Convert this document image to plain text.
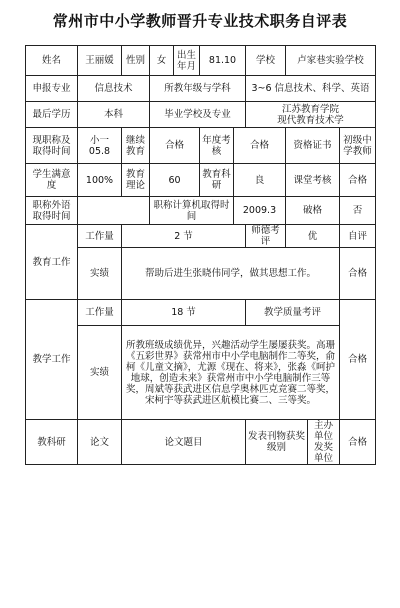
常州市中小学教师晋升专业技术职务自评表
姓名	王丽媛	性别	女	出生年月	81.10		学校	卢家巷实验学校		
申报专业	信息技术		所教年级与学科				3~6 信息技术、科学、英语			
最后学历	本科		毕业学校及专业				江苏教育学院
现代教育技术学			

现职称及取得时间	小一 05.8	继续教育	合格		年度考核	合格		资格证书		初级中学教师
学生满意度	100%	教育理论	60		教育科研	良		课堂考核		合格
职称外语取得时间			职称计算机取得时间			2009.3		破格		否
教育工作	工作量	2 节					师德考评	优		自评
	实绩	帮助后进生张晓伟同学，做其思想工作。								合格
教学工作	工作量	18 节					教学质量考评			合格
	实绩	所教班级成绩优异，兴趣活动学生屡屡获奖。高珊《五彩世界》获常州市中小学电脑制作二等奖，俞柯《儿童文摘》，尤源《现在、将来》，张淼《呵护地球，创造未来》获常州市中小学电脑制作三等奖，周斌等获武进区信息学奥林匹克竞赛二等奖，宋柯宇等获武进区航模比赛二、三等奖。								
教科研	论文	论文题目					发表刊物获奖级别		主办单位发奖单位	合格
